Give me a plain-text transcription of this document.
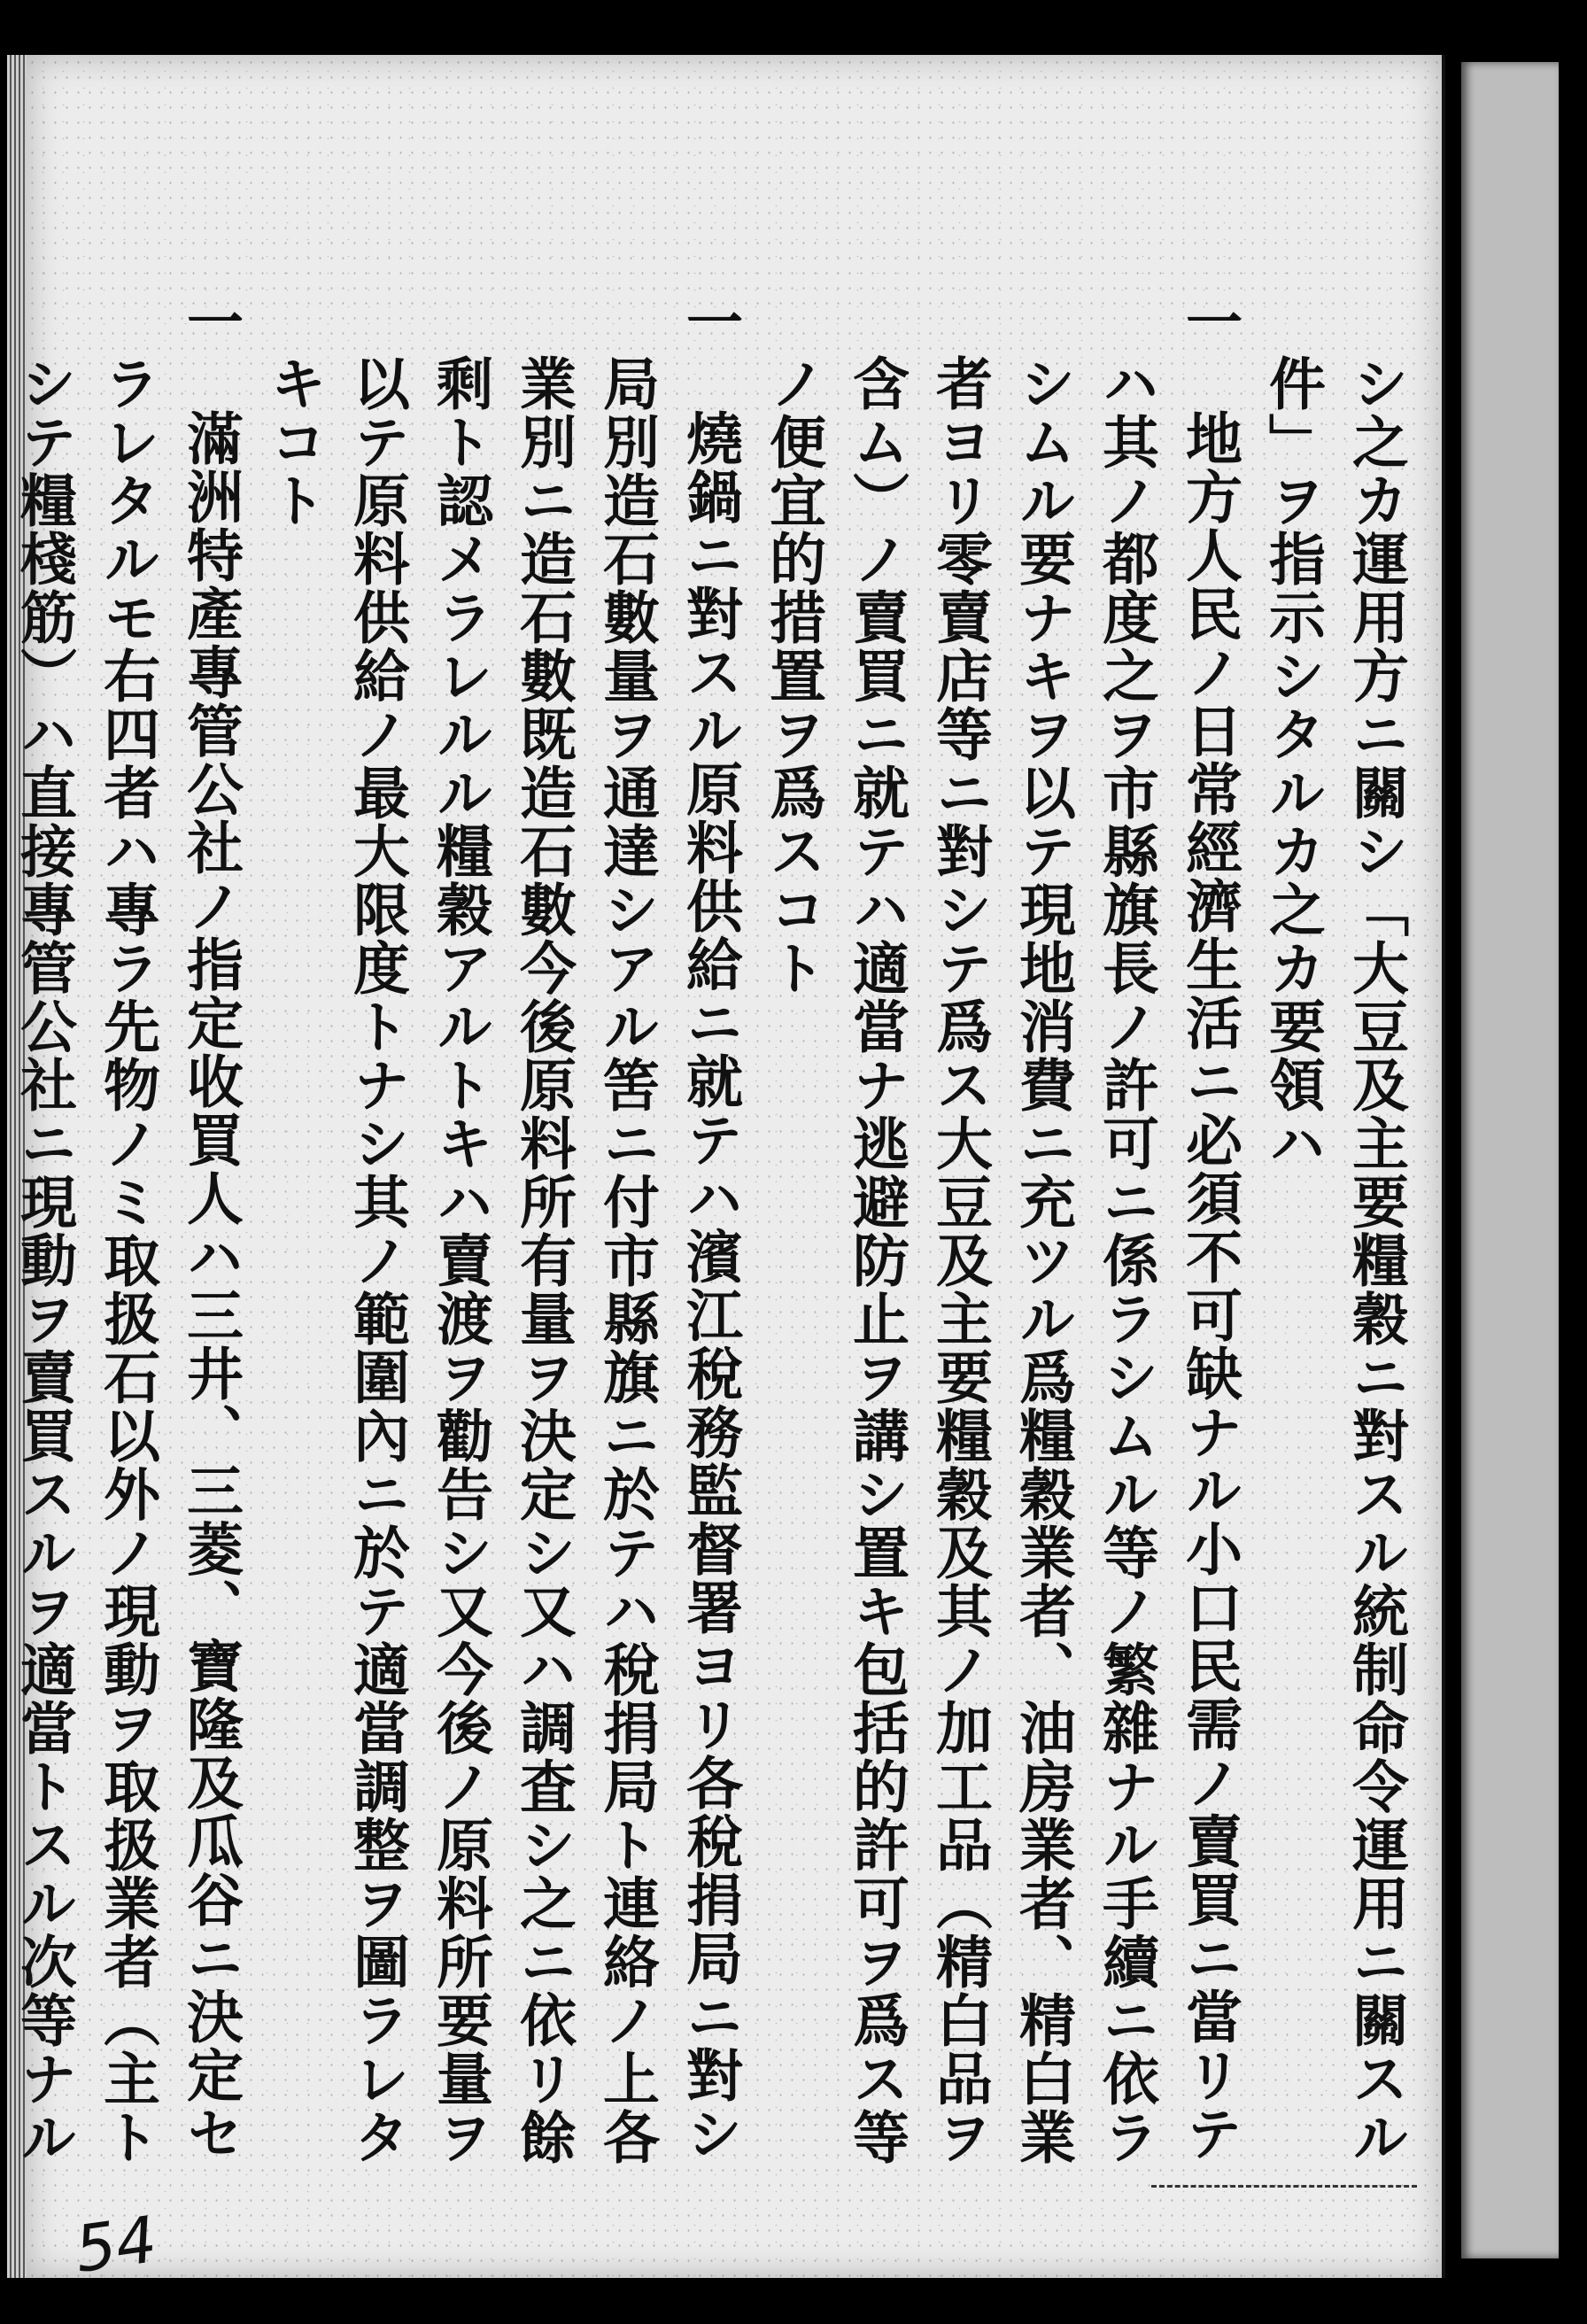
54
シ之カ運用方ニ關シ「大豆及主要糧穀ニ對スル統制命令運用ニ關スル
件」ヲ指示シタルカ之カ要領ハ
一　地方人民ノ日常經濟生活ニ必須不可缺ナル小口民需ノ賣買ニ當リテ
ハ其ノ都度之ヲ市縣旗長ノ許可ニ係ラシムル等ノ繁雜ナル手續ニ依ラ
シムル要ナキヲ以テ現地消費ニ充ツル爲糧穀業者、油房業者、精白業
者ヨリ零賣店等ニ對シテ爲ス大豆及主要糧穀及其ノ加工品（精白品ヲ
含ム）ノ賣買ニ就テハ適當ナ逃避防止ヲ講シ置キ包括的許可ヲ爲ス等
ノ便宜的措置ヲ爲スコト
一　燒鍋ニ對スル原料供給ニ就テハ濱江稅務監督署ヨリ各稅捐局ニ對シ
局別造石數量ヲ通達シアル筈ニ付市縣旗ニ於テハ稅捐局ト連絡ノ上各
業別ニ造石數既造石數今後原料所有量ヲ決定シ又ハ調査シ之ニ依リ餘
剩ト認メラレルル糧穀アルトキハ賣渡ヲ勸告シ又今後ノ原料所要量ヲ
以テ原料供給ノ最大限度トナシ其ノ範圍內ニ於テ適當調整ヲ圖ラレタ
キコト
一　滿洲特產專管公社ノ指定收買人ハ三井、三菱、寶隆及瓜谷ニ決定セ
ラレタルモ右四者ハ專ラ先物ノミ取扱石以外ノ現動ヲ取扱業者（主ト
シテ糧棧筋）ハ直接專管公社ニ現動ヲ賣買スルヲ適當トスル次等ナル
